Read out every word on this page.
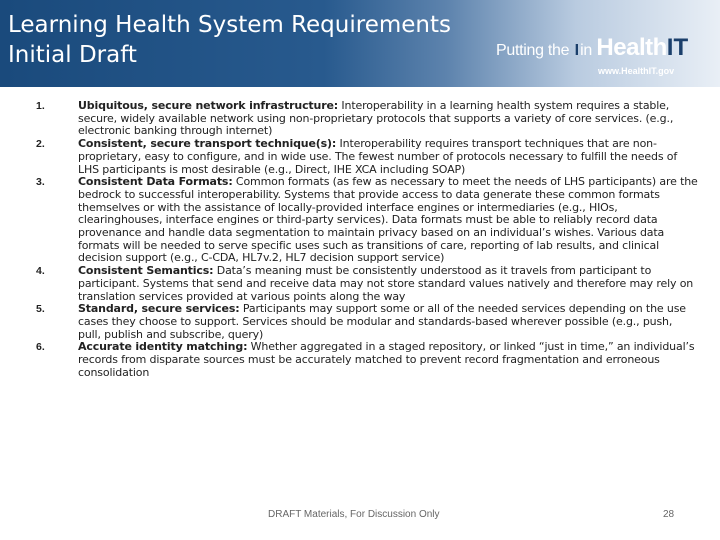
Learning Health System Requirements
Initial Draft	Putting the Iin HealthIT
www.HealthIT.gov
1.	Ubiquitous, secure network infrastructure: Interoperability in a learning health system requires a stable, secure, widely available network using non-proprietary protocols that supports a variety of core services. (e.g., electronic banking through internet)
2.	Consistent, secure transport technique(s): Interoperability requires transport techniques that are non-proprietary, easy to configure, and in wide use. The fewest number of protocols necessary to fulfill the needs of LHS participants is most desirable (e.g., Direct, IHE XCA including SOAP)
3.	Consistent Data Formats: Common formats (as few as necessary to meet the needs of LHS participants) are the bedrock to successful interoperability. Systems that provide access to data generate these common formats themselves or with the assistance of locally-provided interface engines or intermediaries (e.g., HIOs, clearinghouses, interface engines or third-party services). Data formats must be able to reliably record data provenance and handle data segmentation to maintain privacy based on an individual’s wishes. Various data formats will be needed to serve specific uses such as transitions of care, reporting of lab results, and clinical decision support (e.g., C-CDA, HL7v.2, HL7 decision support service)
4.	Consistent Semantics: Data’s meaning must be consistently understood as it travels from participant to participant. Systems that send and receive data may not store standard values natively and therefore may rely on translation services provided at various points along the way
5.	Standard, secure services: Participants may support some or all of the needed services depending on the use cases they choose to support. Services should be modular and standards-based wherever possible (e.g., push, pull, publish and subscribe, query)
6.	Accurate identity matching: Whether aggregated in a staged repository, or linked “just in time,” an individual’s records from disparate sources must be accurately matched to prevent record fragmentation and erroneous consolidation
DRAFT Materials, For Discussion Only	28
